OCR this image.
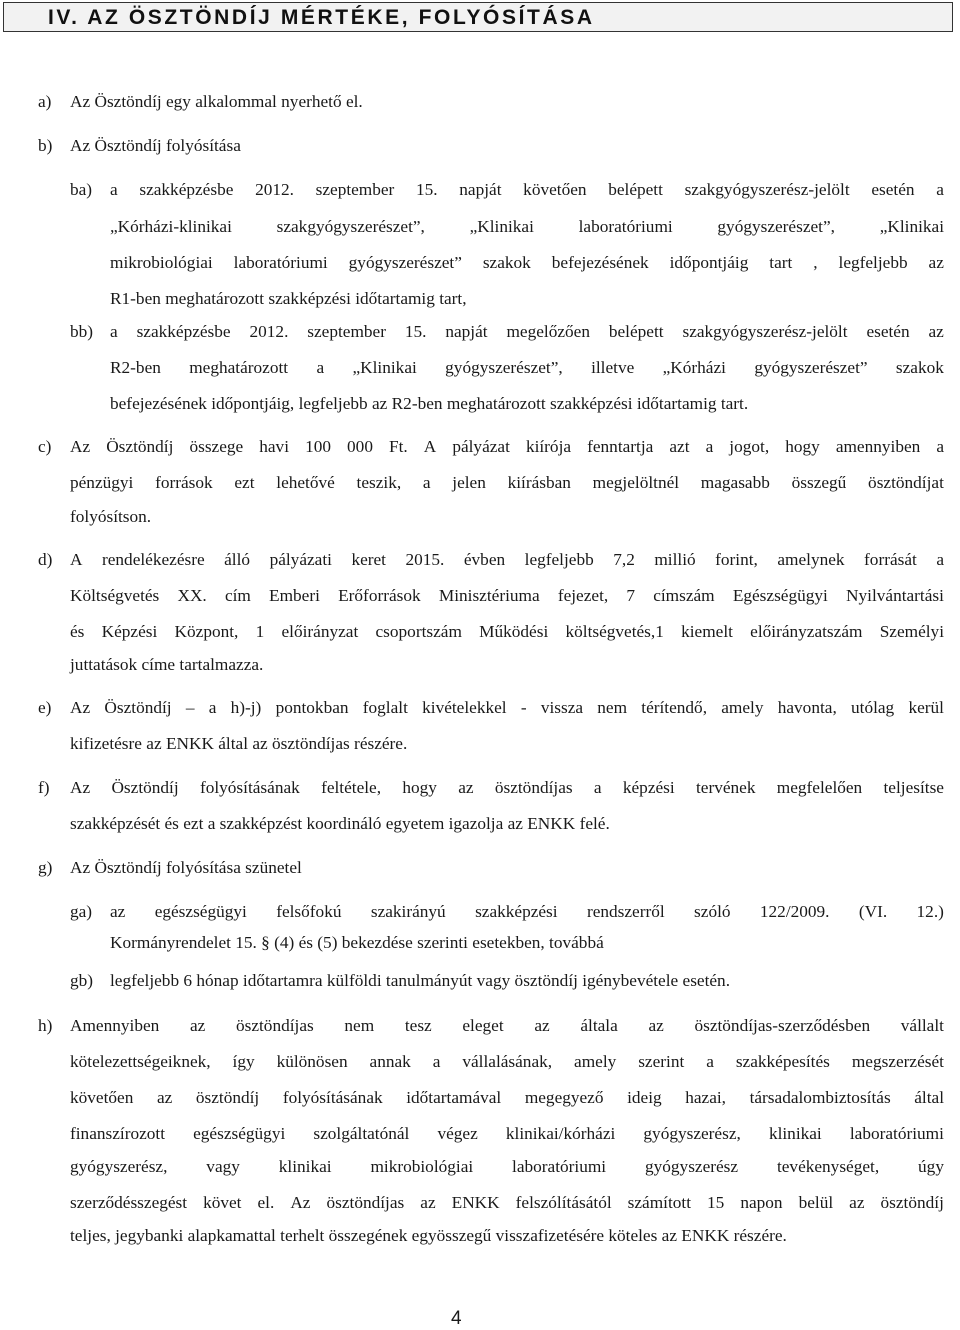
IV. AZ ÖSZTÖNDÍJ MÉRTÉKE, FOLYÓSÍTÁSA
a) Az Ösztöndíj egy alkalommal nyerhető el.
b) Az Ösztöndíj folyósítása
ba) a szakképzésbe 2012. szeptember 15. napját követően belépett szakgyógyszerész-jelölt esetén a
„Kórházi-klinikai	szakgyógyszerészet”,	„Klinikai	laboratóriumi	gyógyszerészet”,	„Klinikai
mikrobiológiai laboratóriumi gyógyszerészet” szakok befejezésének időpontjáig tart , legfeljebb az
R1-ben meghatározott szakképzési időtartamig tart,
bb) a szakképzésbe 2012. szeptember 15. napját megelőzően belépett szakgyógyszerész-jelölt esetén az
R2-ben meghatározott a „Klinikai gyógyszerészet”, illetve „Kórházi gyógyszerészet” szakok
befejezésének időpontjáig, legfeljebb az R2-ben meghatározott szakképzési időtartamig tart.
c) Az Ösztöndíj összege havi 100 000 Ft. A pályázat kiírója fenntartja azt a jogot, hogy amennyiben a
pénzügyi források ezt lehetővé teszik, a jelen kiírásban megjelöltnél magasabb összegű ösztöndíjat
folyósítson.
d) A rendelékezésre álló pályázati keret 2015. évben legfeljebb 7,2 millió forint, amelynek forrását a
Költségvetés XX. cím Emberi Erőforrások Minisztériuma fejezet, 7 címszám Egészségügyi Nyilvántartási
és Képzési Központ, 1 előirányzat csoportszám Működési költségvetés,1 kiemelt előirányzatszám Személyi
juttatások címe tartalmazza.
e) Az Ösztöndíj – a h)-j) pontokban foglalt kivételekkel - vissza nem térítendő, amely havonta, utólag kerül
kifizetésre az ENKK által az ösztöndíjas részére.
f) Az Ösztöndíj folyósításának feltétele, hogy az ösztöndíjas a képzési tervének megfelelően teljesítse
szakképzését és ezt a szakképzést koordináló egyetem igazolja az ENKK felé.
g) Az Ösztöndíj folyósítása szünetel
ga) az egészségügyi felsőfokú szakirányú szakképzési rendszerről szóló 122/2009. (VI. 12.)
Kormányrendelet 15. § (4) és (5) bekezdése szerinti esetekben, továbbá
gb) legfeljebb 6 hónap időtartamra külföldi tanulmányút vagy ösztöndíj igénybevétele esetén.
h) Amennyiben az ösztöndíjas nem tesz eleget az általa az ösztöndíjas-szerződésben vállalt
kötelezettségeiknek, így különösen annak a vállalásának, amely szerint a szakképesítés megszerzését
követően az ösztöndíj folyósításának időtartamával megegyező ideig hazai, társadalombiztosítás által
finanszírozott egészségügyi szolgáltatónál végez klinikai/kórházi gyógyszerész, klinikai laboratóriumi
gyógyszerész, vagy klinikai mikrobiológiai laboratóriumi gyógyszerész tevékenységet, úgy
szerződésszegést követ el. Az ösztöndíjas az ENKK felszólításától számított 15 napon belül az ösztöndíj
teljes, jegybanki alapkamattal terhelt összegének egyösszegű visszafizetésére köteles az ENKK részére.
4
